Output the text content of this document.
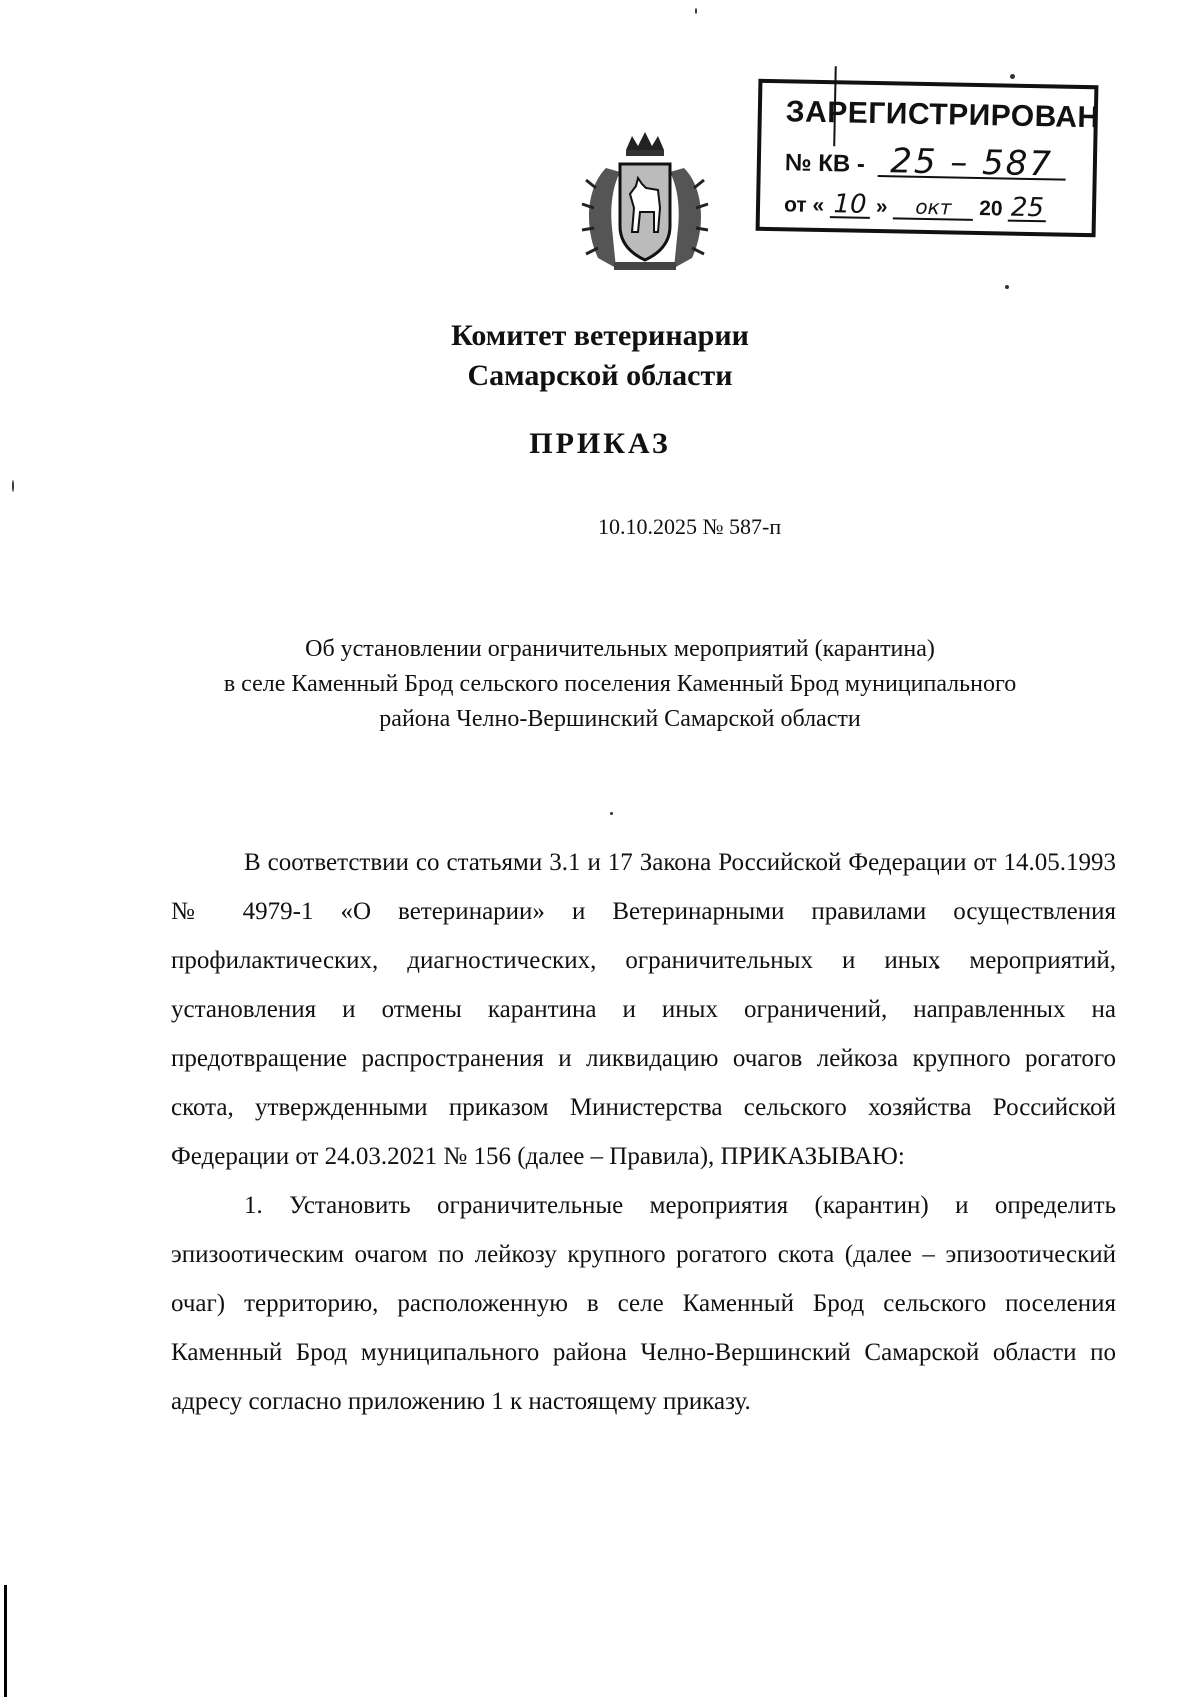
ЗАРЕГИСТРИРОВАН
№ КВ - 25 – 587
от « 10 » окт 20 25
Комитет ветеринарии
Самарской области
ПРИКАЗ
10.10.2025 № 587-п
Об установлении ограничительных мероприятий (карантина)
в селе Каменный Брод сельского поселения Каменный Брод муниципального
района Челно-Вершинский Самарской области

В соответствии со статьями 3.1 и 17 Закона Российской Федерации от 14.05.1993 № 4979-1 «О ветеринарии» и Ветеринарными правилами осуществления профилактических, диагностических, ограничительных и иных мероприятий, установления и отмены карантина и иных ограничений, направленных на предотвращение распространения и ликвидацию очагов лейкоза крупного рогатого скота, утвержденными приказом Министерства сельского хозяйства Российской Федерации от 24.03.2021 № 156 (далее – Правила), ПРИКАЗЫВАЮ:

1. Установить ограничительные мероприятия (карантин) и определить эпизоотическим очагом по лейкозу крупного рогатого скота (далее – эпизоотический очаг) территорию, расположенную в селе Каменный Брод сельского поселения Каменный Брод муниципального района Челно-Вершинский Самарской области по адресу согласно приложению 1 к настоящему приказу.
